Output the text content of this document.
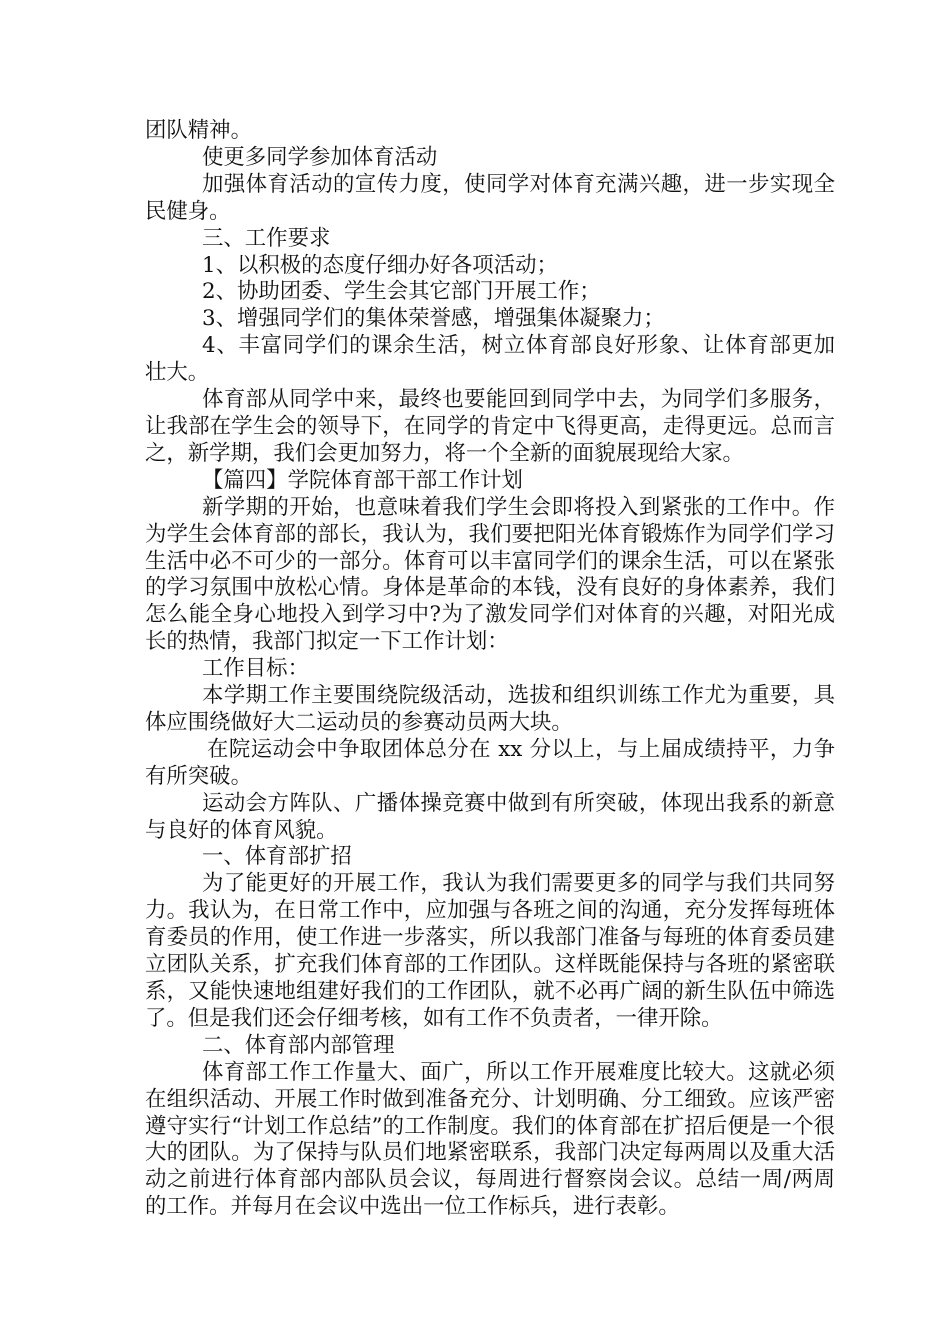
团队精神。

使更多同学参加体育活动

加强体育活动的宣传力度，使同学对体育充满兴趣，进一步实现全民健身。

三、工作要求

1、以积极的态度仔细办好各项活动；

2、协助团委、学生会其它部门开展工作；

3、增强同学们的集体荣誉感，增强集体凝聚力；

4、丰富同学们的课余生活，树立体育部良好形象、让体育部更加壮大。

体育部从同学中来，最终也要能回到同学中去，为同学们多服务，让我部在学生会的领导下，在同学的肯定中飞得更高，走得更远。总而言之，新学期，我们会更加努力，将一个全新的面貌展现给大家。

【篇四】学院体育部干部工作计划

新学期的开始，也意味着我们学生会即将投入到紧张的工作中。作为学生会体育部的部长，我认为，我们要把阳光体育锻炼作为同学们学习生活中必不可少的一部分。体育可以丰富同学们的课余生活，可以在紧张的学习氛围中放松心情。身体是革命的本钱，没有良好的身体素养，我们怎么能全身心地投入到学习中?为了激发同学们对体育的兴趣，对阳光成长的热情，我部门拟定一下工作计划：

工作目标：

本学期工作主要围绕院级活动，选拔和组织训练工作尤为重要，具体应围绕做好大二运动员的参赛动员两大块。

在院运动会中争取团体总分在 xx 分以上，与上届成绩持平，力争有所突破。

运动会方阵队、广播体操竞赛中做到有所突破，体现出我系的新意与良好的体育风貌。

一、体育部扩招

为了能更好的开展工作，我认为我们需要更多的同学与我们共同努力。我认为，在日常工作中，应加强与各班之间的沟通，充分发挥每班体育委员的作用，使工作进一步落实，所以我部门准备与每班的体育委员建立团队关系，扩充我们体育部的工作团队。这样既能保持与各班的紧密联系，又能快速地组建好我们的工作团队，就不必再广阔的新生队伍中筛选了。但是我们还会仔细考核，如有工作不负责者，一律开除。

二、体育部内部管理

体育部工作工作量大、面广，所以工作开展难度比较大。这就必须在组织活动、开展工作时做到准备充分、计划明确、分工细致。应该严密遵守实行“计划工作总结”的工作制度。我们的体育部在扩招后便是一个很大的团队。为了保持与队员们地紧密联系，我部门决定每两周以及重大活动之前进行体育部内部队员会议，每周进行督察岗会议。总结一周/两周的工作。并每月在会议中选出一位工作标兵，进行表彰。
